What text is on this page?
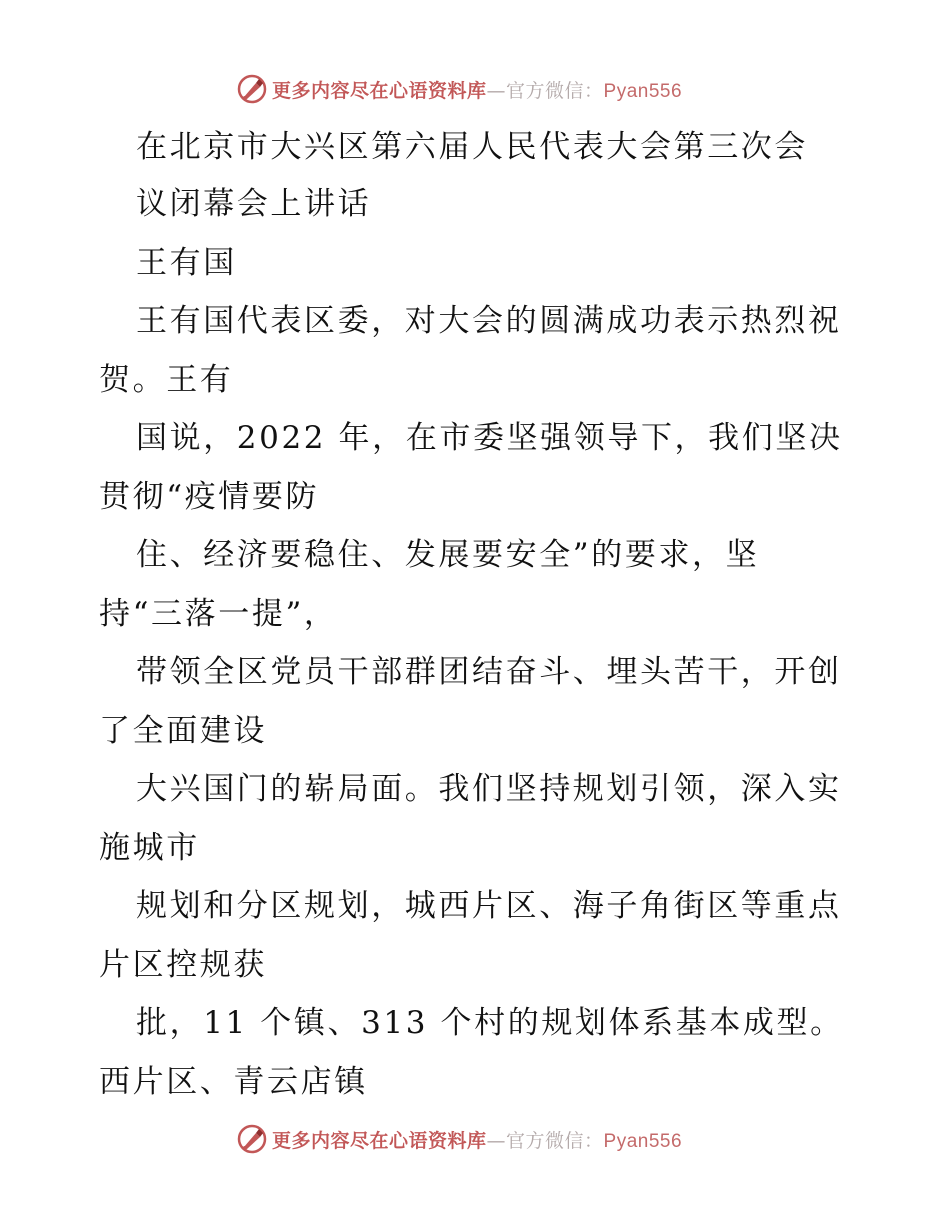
更多内容尽在心语资料库—官方微信：Pyan556
在北京市大兴区第六届人民代表大会第三次会
议闭幕会上讲话
王有国
王有国代表区委，对大会的圆满成功表示热烈祝
贺。王有
国说，2022 年，在市委坚强领导下，我们坚决
贯彻“疫情要防
住、经济要稳住、发展要安全”的要求，坚
持“三落一提”，
带领全区党员干部群团结奋斗、埋头苦干，开创
了全面建设
大兴国门的崭局面。我们坚持规划引领，深入实
施城市
规划和分区规划，城西片区、海子角街区等重点
片区控规获
批，11 个镇、313 个村的规划体系基本成型。
西片区、青云店镇
更多内容尽在心语资料库—官方微信：Pyan556
